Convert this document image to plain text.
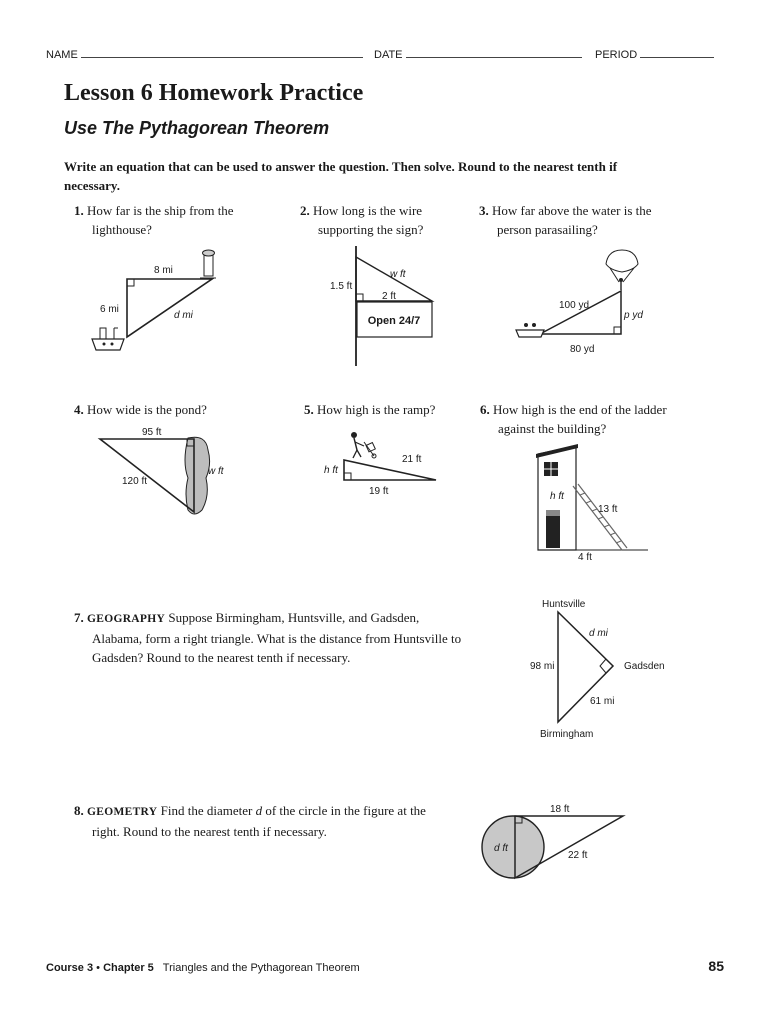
NAME	DATE	PERIOD
Lesson 6 Homework Practice
Use The Pythagorean Theorem
Write an equation that can be used to answer the question. Then solve. Round to the nearest tenth if necessary.
1. How far is the ship from the lighthouse?
2. How long is the wire supporting the sign?
3. How far above the water is the person parasailing?
4. How wide is the pond?	5. How high is the ramp?	6. How high is the end of the ladder against the building?
7. GEOGRAPHY Suppose Birmingham, Huntsville, and Gadsden, Alabama, form a right triangle. What is the distance from Huntsville to Gadsden? Round to the nearest tenth if necessary.
8. GEOMETRY Find the diameter d of the circle in the figure at the right. Round to the nearest tenth if necessary.
8 mi
6 mi
d mi	Open 24/7
1.5 ft
w ft
2 ft
100 yd
p yd
80 yd
95 ft
120 ft
w ft	h ft
21 ft
19 ft	h ft
13 ft
4 ft
Huntsville
Gadsden
Birmingham
98 mi
d mi
61 mi
18 ft
d ft
22 ft
Course 3 • Chapter 5 Triangles and the Pythagorean Theorem	85
